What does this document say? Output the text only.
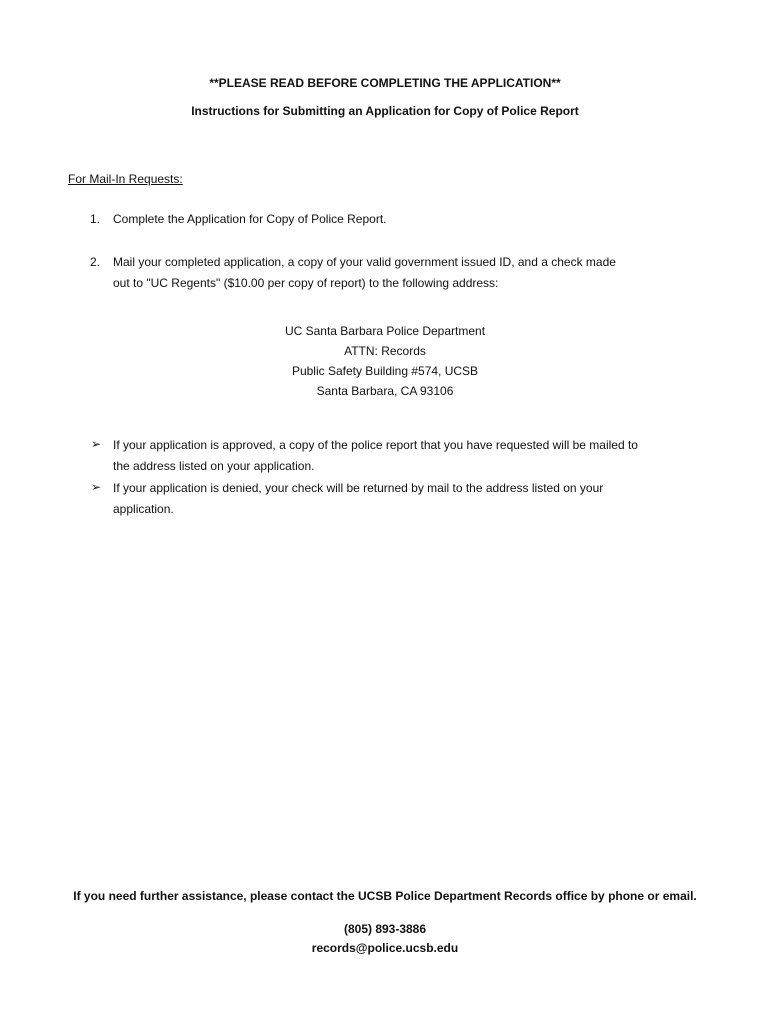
**PLEASE READ BEFORE COMPLETING THE APPLICATION**
Instructions for Submitting an Application for Copy of Police Report
For Mail-In Requests:
1. Complete the Application for Copy of Police Report.
2. Mail your completed application, a copy of your valid government issued ID, and a check made
out to "UC Regents" ($10.00 per copy of report) to the following address:
UC Santa Barbara Police Department
ATTN: Records
Public Safety Building #574, UCSB
Santa Barbara, CA 93106
➢ If your application is approved, a copy of the police report that you have requested will be mailed to
the address listed on your application.
➢ If your application is denied, your check will be returned by mail to the address listed on your
application.
If you need further assistance, please contact the UCSB Police Department Records office by phone or email.
(805) 893-3886
records@police.ucsb.edu
